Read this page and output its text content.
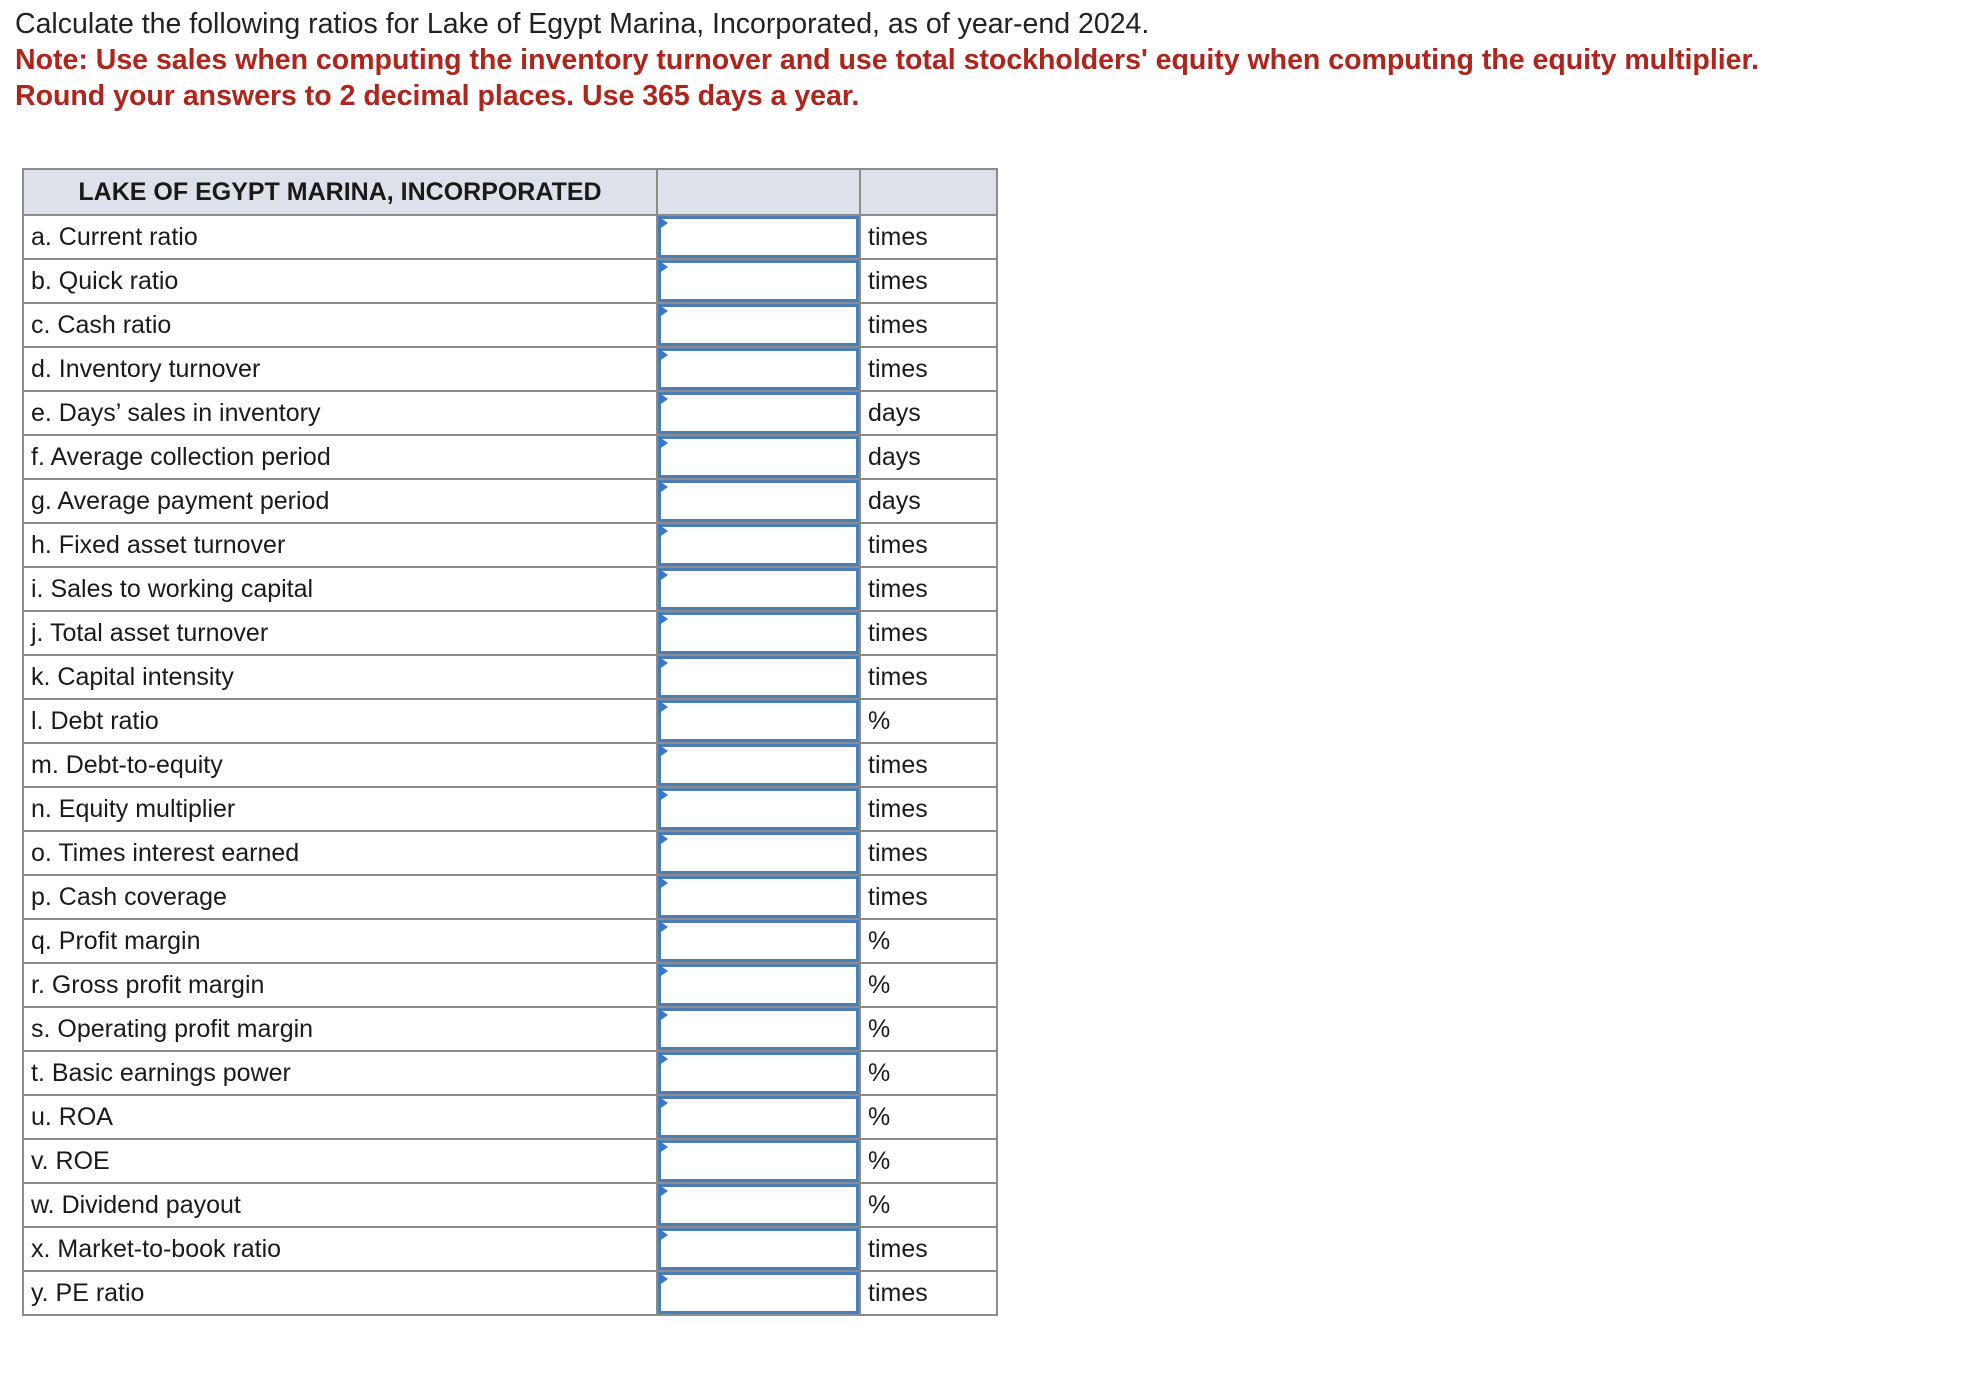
Calculate the following ratios for Lake of Egypt Marina, Incorporated, as of year-end 2024.
Note: Use sales when computing the inventory turnover and use total stockholders' equity when computing the equity multiplier.
Round your answers to 2 decimal places. Use 365 days a year.
LAKE OF EGYPT MARINA, INCORPORATED		
a. Current ratio		times
b. Quick ratio		times
c. Cash ratio		times
d. Inventory turnover		times
e. Days’ sales in inventory		days
f. Average collection period		days
g. Average payment period		days
h. Fixed asset turnover		times
i. Sales to working capital		times
j. Total asset turnover		times
k. Capital intensity		times
l. Debt ratio		%
m. Debt-to-equity		times
n. Equity multiplier		times
o. Times interest earned		times
p. Cash coverage		times
q. Profit margin		%
r. Gross profit margin		%
s. Operating profit margin		%
t. Basic earnings power		%
u. ROA		%
v. ROE		%
w. Dividend payout		%
x. Market-to-book ratio		times
y. PE ratio		times
